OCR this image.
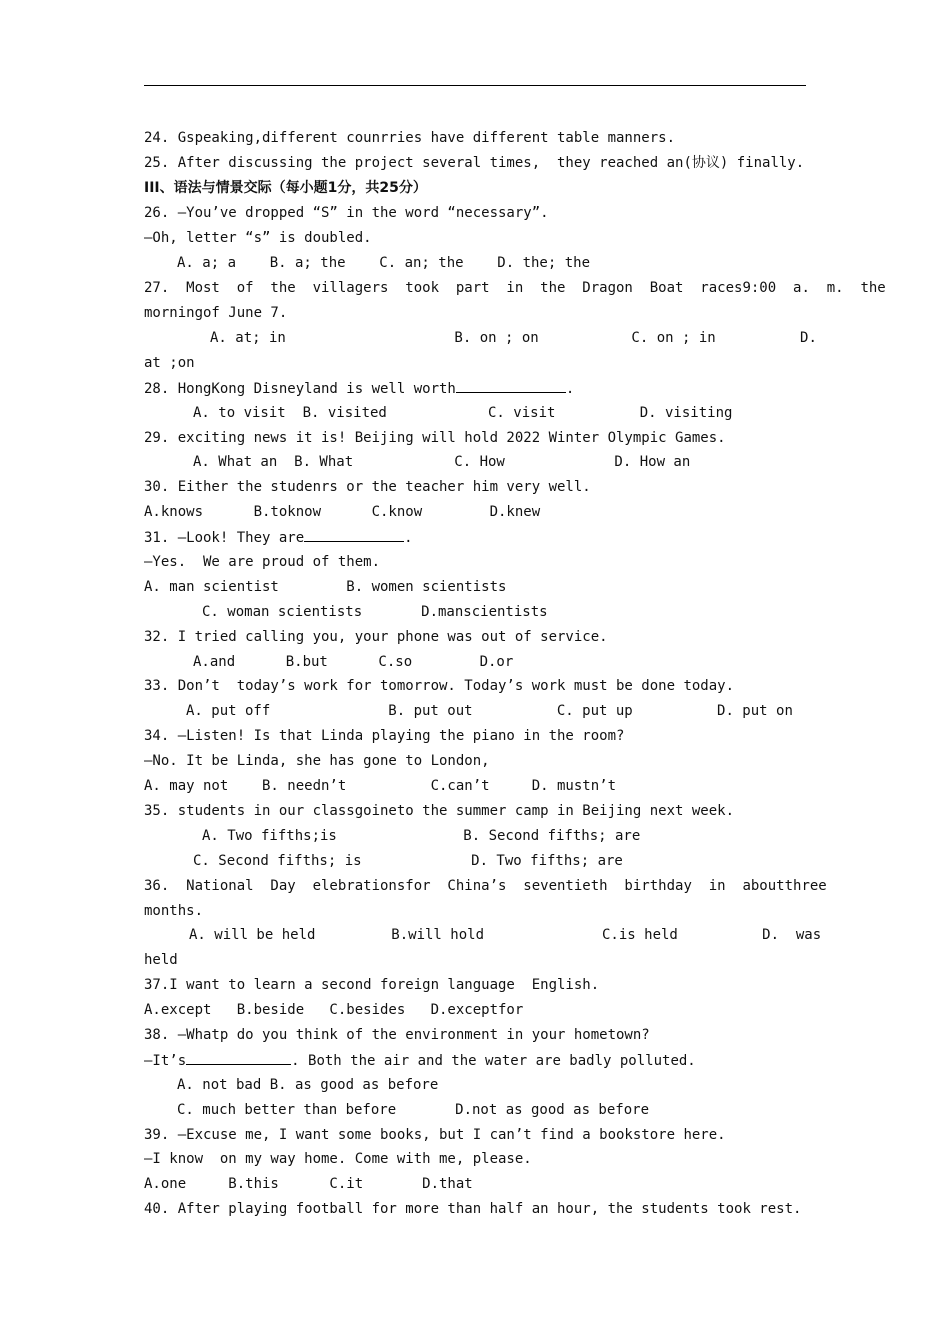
24. Gspeaking,different counrries have different table manners.
25. After discussing the project several times,  they reached an(协议) finally.
III、语法与情景交际（每小题1分，共25分）
26. —You’ve dropped “S” in the word “necessary”.
—Oh, letter “s” is doubled.
A. a; a    B. a; the    C. an; the    D. the; the
27.  Most  of  the  villagers  took  part  in  the  Dragon  Boat  races9:00  a.  m.  the
morningof June 7.
A. at; in                    B. on ; on           C. on ; in          D.
at ;on
28. HongKong Disneyland is well worth	.
A. to visit  B. visited            C. visit          D. visiting
29. exciting news it is! Beijing will hold 2022 Winter Olympic Games.
A. What an  B. What            C. How             D. How an
30. Either the studenrs or the teacher him very well.
A.knows      B.toknow      C.know        D.knew
31. —Look! They are	.
—Yes.  We are proud of them.
A. man scientist        B. women scientists
C. woman scientists       D.manscientists
32. I tried calling you, your phone was out of service.
A.and      B.but      C.so        D.or
33. Don’t  today’s work for tomorrow. Today’s work must be done today.
A. put off              B. put out          C. put up          D. put on
34. —Listen! Is that Linda playing the piano in the room?
—No. It be Linda, she has gone to London,
A. may not    B. needn’t          C.can’t     D. mustn’t
35. students in our classgoineto the summer camp in Beijing next week.
A. Two fifths;is               B. Second fifths; are
C. Second fifths; is             D. Two fifths; are
36.  National  Day  elebrationsfor  China’s  seventieth  birthday  in  aboutthree
months.
A. will be held         B.will hold              C.is held          D.  was
held
37.I want to learn a second foreign language  English.
A.except   B.beside   C.besides   D.exceptfor
38. —Whatp do you think of the environment in your hometown?
—It’s	. Both the air and the water are badly polluted.
A. not bad B. as good as before
C. much better than before       D.not as good as before
39. —Excuse me, I want some books, but I can’t find a bookstore here.
—I know  on my way home. Come with me, please.
A.one     B.this      C.it       D.that
40. After playing football for more than half an hour, the students took rest.
